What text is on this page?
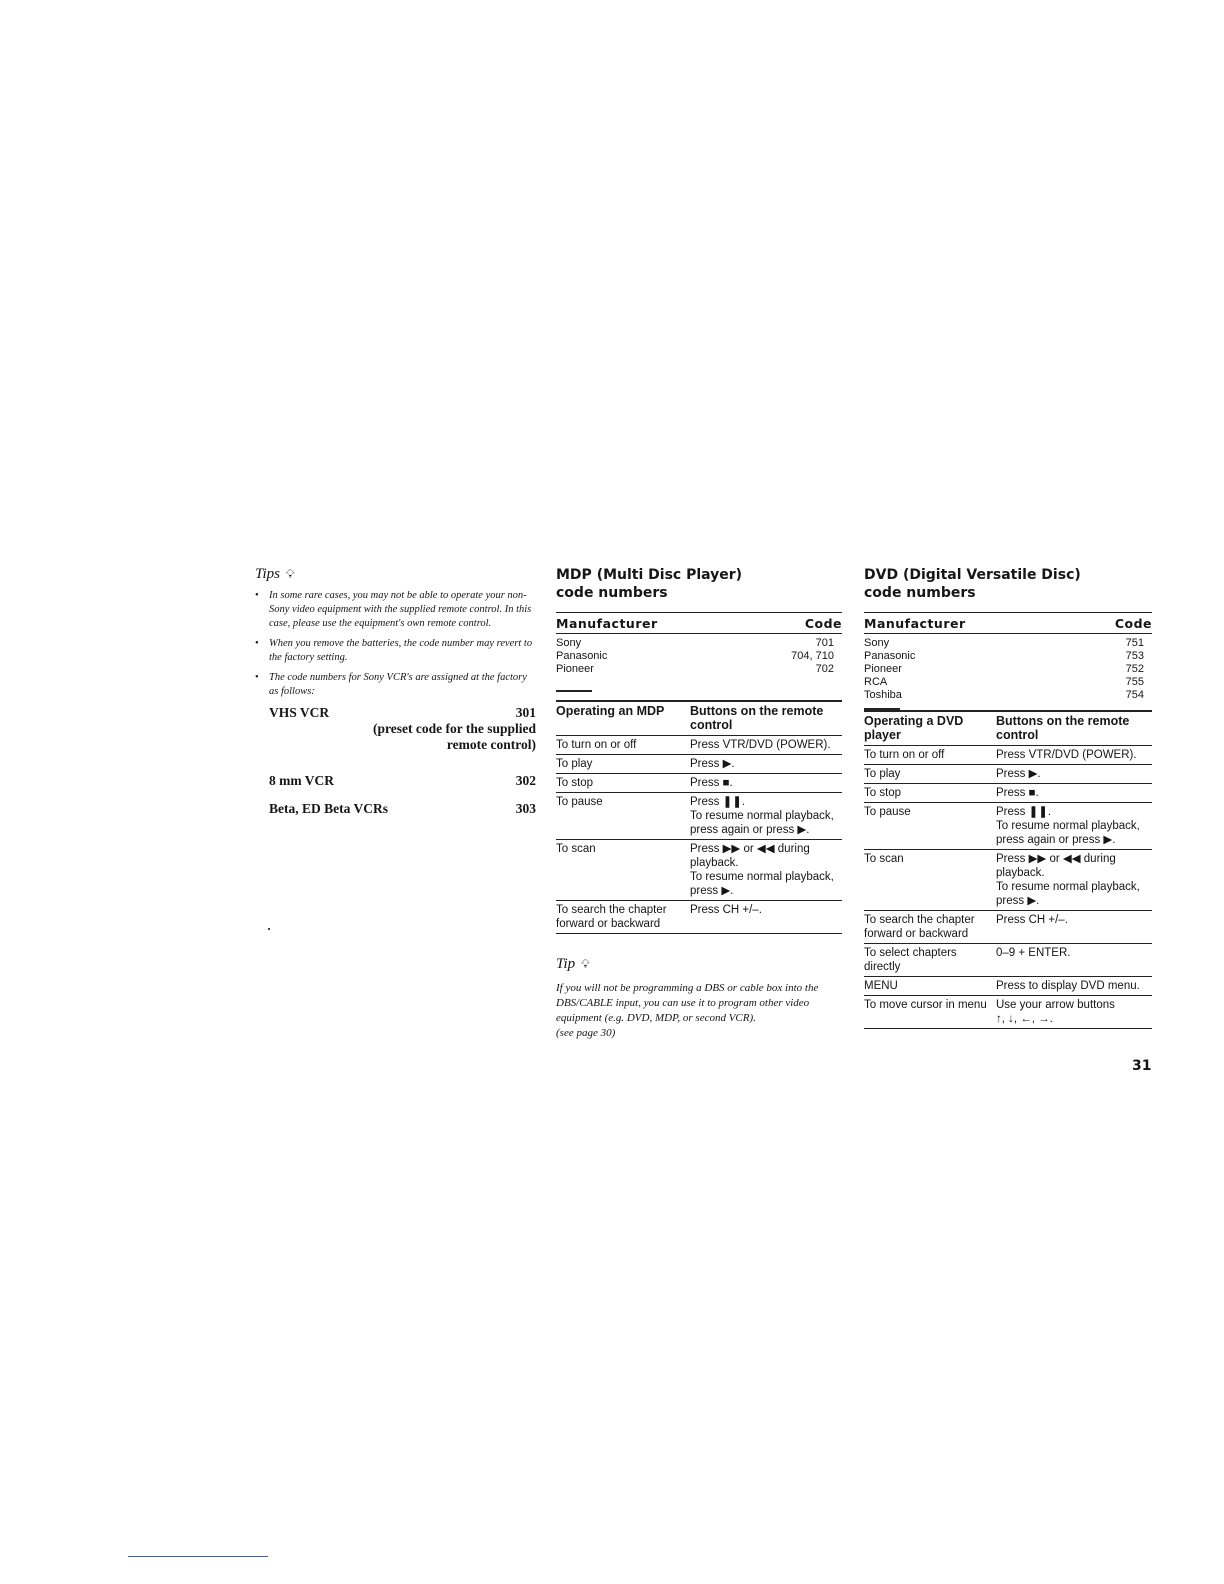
Tips 💡︎
• In some rare cases, you may not be able to operate your non-Sony video equipment with the supplied remote control. In this case, please use the equipment's own remote control.
• When you remove the batteries, the code number may revert to the factory setting.
• The code numbers for Sony VCR's are assigned at the factory as follows:
VHS VCR	301
(preset code for the supplied remote control)
8 mm VCR	302
Beta, ED Beta VCRs	303
MDP (Multi Disc Player)
code numbers
Manufacturer	Code
Sony	701
Panasonic	704, 710
Pioneer	702
Operating an MDP	Buttons on the remote control
To turn on or off	Press VTR/DVD (POWER).
To play	Press ▶.
To stop	Press ■.
To pause	Press ❚❚.
To resume normal playback, press again or press ▶.

To scan	Press ▶▶ or ◀◀ during playback.
To resume normal playback, press ▶.

To search the chapter forward or backward	Press CH +/–.
Tip 💡︎
If you will not be programming a DBS or cable box into the DBS/CABLE input, you can use it to program other video equipment (e.g. DVD, MDP, or second VCR).
(see page 30)
DVD (Digital Versatile Disc)
code numbers
Manufacturer	Code
Sony	751
Panasonic	753
Pioneer	752
RCA	755
Toshiba	754
Operating a DVD player	Buttons on the remote control
To turn on or off	Press VTR/DVD (POWER).
To play	Press ▶.
To stop	Press ■.
To pause	Press ❚❚.
To resume normal playback, press again or press ▶.

To scan	Press ▶▶ or ◀◀ during playback.
To resume normal playback, press ▶.

To search the chapter forward or backward	Press CH +/–.
To select chapters directly	0–9 + ENTER.
MENU	Press to display DVD menu.
To move cursor in menu	Use your arrow buttons
↑, ↓, ←, →.
31
